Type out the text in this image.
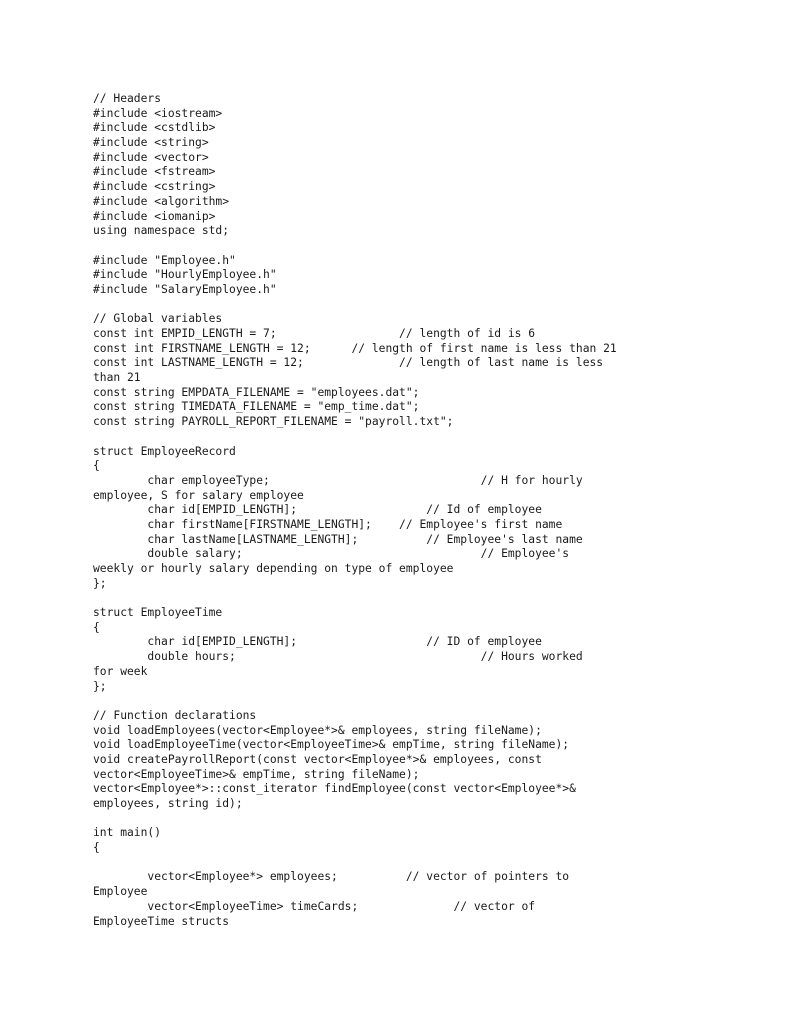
// Headers
#include <iostream>
#include <cstdlib>
#include <string>
#include <vector>
#include <fstream>
#include <cstring>
#include <algorithm>
#include <iomanip>
using namespace std;

#include "Employee.h"
#include "HourlyEmployee.h"
#include "SalaryEmployee.h"

// Global variables
const int EMPID_LENGTH = 7;                  // length of id is 6
const int FIRSTNAME_LENGTH = 12;      // length of first name is less than 21
const int LASTNAME_LENGTH = 12;              // length of last name is less
than 21
const string EMPDATA_FILENAME = "employees.dat";
const string TIMEDATA_FILENAME = "emp_time.dat";
const string PAYROLL_REPORT_FILENAME = "payroll.txt";

struct EmployeeRecord
{
char employeeType;                               // H for hourly
employee, S for salary employee
char id[EMPID_LENGTH];                   // Id of employee
char firstName[FIRSTNAME_LENGTH];    // Employee's first name
char lastName[LASTNAME_LENGTH];          // Employee's last name
double salary;                                   // Employee's
weekly or hourly salary depending on type of employee
};

struct EmployeeTime
{
char id[EMPID_LENGTH];                   // ID of employee
double hours;                                    // Hours worked
for week
};

// Function declarations
void loadEmployees(vector<Employee*>& employees, string fileName);
void loadEmployeeTime(vector<EmployeeTime>& empTime, string fileName);
void createPayrollReport(const vector<Employee*>& employees, const
vector<EmployeeTime>& empTime, string fileName);
vector<Employee*>::const_iterator findEmployee(const vector<Employee*>&
employees, string id);

int main()
{

vector<Employee*> employees;          // vector of pointers to
Employee
vector<EmployeeTime> timeCards;              // vector of
EmployeeTime structs
